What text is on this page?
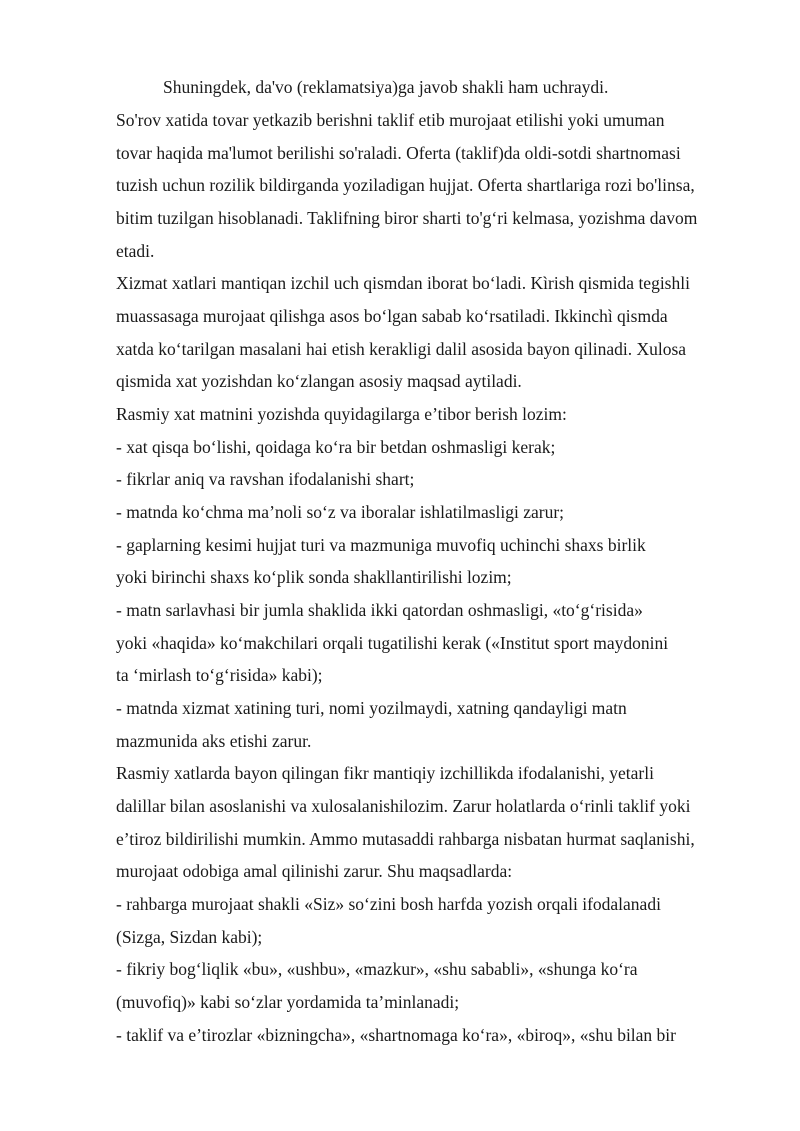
Shuningdek, da'vo (reklamatsiya)ga javob shakli ham uchraydi.
So'rov xatida tovar yetkazib berishni taklif etib murojaat etilishi yoki umuman
tovar haqida ma'lumot berilishi so'raladi. Oferta (taklif)da oldi-sotdi shartnomasi
tuzish uchun rozilik bildirganda yoziladigan hujjat. Oferta shartlariga rozi bo'linsa,
bitim tuzilgan hisoblanadi. Taklifning biror sharti to'g‘ri kelmasa, yozishma davom
etadi.
Xizmat xatlari mantiqan izchil uch qismdan iborat bo‘ladi. Kìrish qismida tegishli
muassasaga murojaat qilishga asos bo‘lgan sabab ko‘rsatiladi. Ikkinchì qismda
xatda ko‘tarilgan masalani hai etish kerakligi dalil asosida bayon qilinadi. Xulosa
qismida xat yozishdan ko‘zlangan asosiy maqsad aytiladi.
Rasmiy xat matnini yozishda quyidagilarga e’tibor berish lozim:
- xat qisqa bo‘lishi, qoidaga ko‘ra bir betdan oshmasligi kerak;
- fikrlar aniq va ravshan ifodalanishi shart;
- matnda ko‘chma ma’noli so‘z va iboralar ishlatilmasligi zarur;
- gaplarning kesimi hujjat turi va mazmuniga muvofiq uchinchi shaxs birlik
yoki birinchi shaxs ko‘plik sonda shakllantirilishi lozim;
- matn sarlavhasi bir jumla shaklida ikki qatordan oshmasligi, «to‘g‘risida»
yoki «haqida» ko‘makchilari orqali tugatilishi kerak («Institut sport maydonini
ta ‘mirlash to‘g‘risida» kabi);
- matnda xizmat xatining turi, nomi yozilmaydi, xatning qandayligi matn
mazmunida aks etishi zarur.
Rasmiy xatlarda bayon qilingan fikr mantiqiy izchillikda ifodalanishi, yetarli
dalillar bilan asoslanishi va xulosalanishilozim. Zarur holatlarda o‘rinli taklif yoki
e’tiroz bildirilishi mumkin. Ammo mutasaddi rahbarga nisbatan hurmat saqlanishi,
murojaat odobiga amal qilinishi zarur. Shu maqsadlarda:
- rahbarga murojaat shakli «Siz» so‘zini bosh harfda yozish orqali ifodalanadi
(Sizga, Sizdan kabi);
- fikriy bog‘liqlik «bu», «ushbu», «mazkur», «shu sababli», «shunga ko‘ra
(muvofiq)» kabi so‘zlar yordamida ta’minlanadi;
- taklif va e’tirozlar «bizningcha», «shartnomaga ko‘ra», «biroq», «shu bilan bir
